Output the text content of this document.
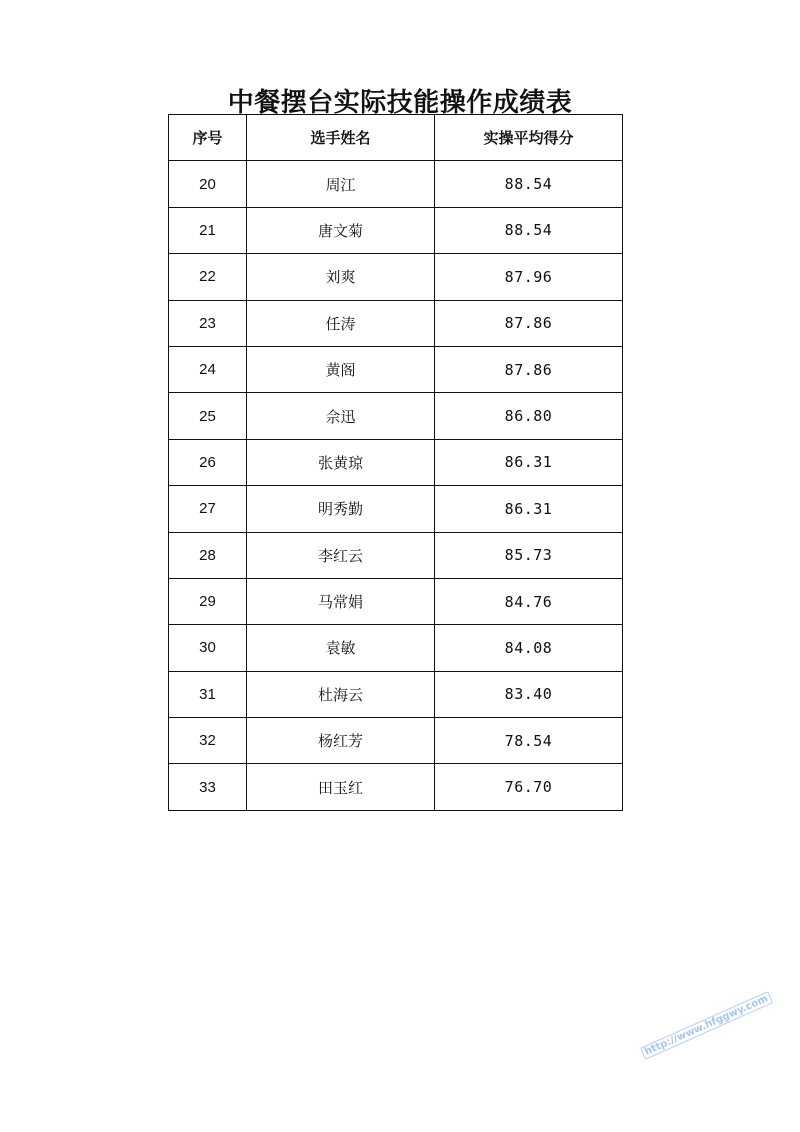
中餐摆台实际技能操作成绩表
序号	选手姓名	实操平均得分
20	周江	88.54
21	唐文菊	88.54
22	刘爽	87.96
23	任涛	87.86
24	黄阁	87.86
25	佘迅	86.80
26	张黄琼	86.31
27	明秀勤	86.31
28	李红云	85.73
29	马常娟	84.76
30	袁敏	84.08
31	杜海云	83.40
32	杨红芳	78.54
33	田玉红	76.70
http://www.hfggwy.com
